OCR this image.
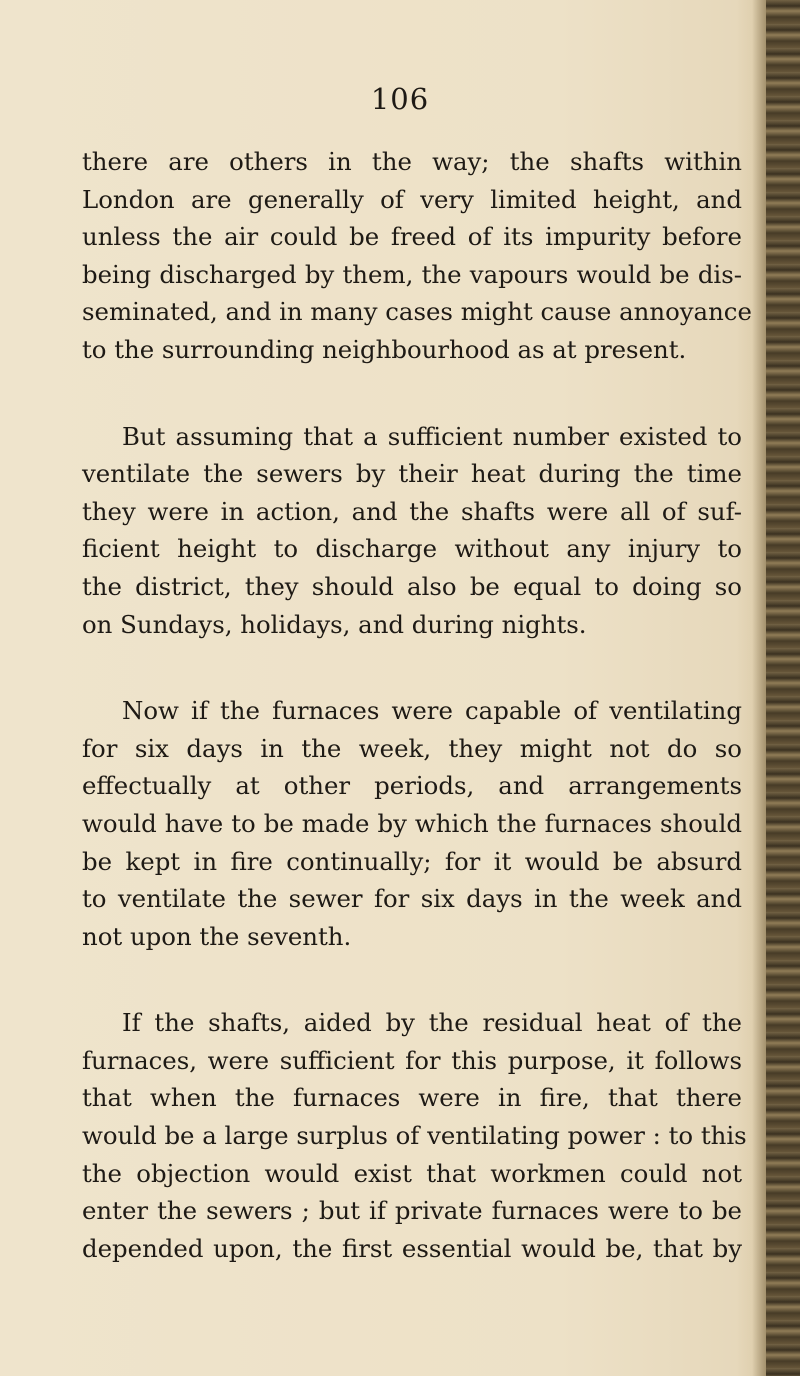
106
there are others in the way; the shafts within
London are generally of very limited height, and
unless the air could be freed of its impurity before
being discharged by them, the vapours would be dis-
seminated, and in many cases might cause annoyance
to the surrounding neighbourhood as at present.
But assuming that a sufficient number existed to
ventilate the sewers by their heat during the time
they were in action, and the shafts were all of suf-
ficient height to discharge without any injury to
the district, they should also be equal to doing so
on Sundays, holidays, and during nights.
Now if the furnaces were capable of ventilating
for six days in the week, they might not do so
effectually at other periods, and arrangements
would have to be made by which the furnaces should
be kept in fire continually; for it would be absurd
to ventilate the sewer for six days in the week and
not upon the seventh.
If the shafts, aided by the residual heat of the
furnaces, were sufficient for this purpose, it follows
that when the furnaces were in fire, that there
would be a large surplus of ventilating power : to this
the objection would exist that workmen could not
enter the sewers ; but if private furnaces were to be
depended upon, the first essential would be, that by
